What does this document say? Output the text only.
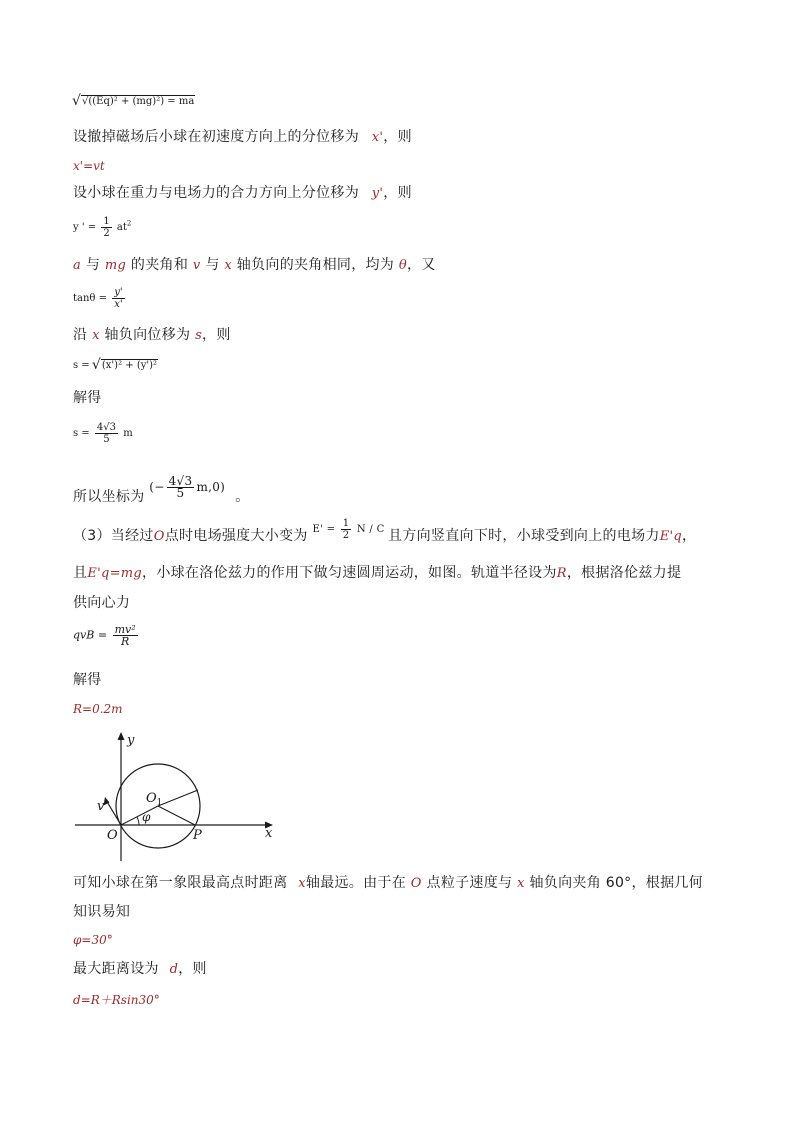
√ √((Eq)² + (mg)²) = ma
设撤掉磁场后小球在初速度方向上的分位移为 x'，则
x'=vt
设小球在重力与电场力的合力方向上分位移为 y'，则
y ' = $\frac{1}{2} at^2$
a 与 mg 的夹角和 v 与 x 轴负向的夹角相同，均为 θ，又
$\tan\theta = \frac{y'}{x'}$
沿 x 轴负向位移为 s，则
s = √ (x')² + (y')²
解得
$s = \frac{4√3}{5}$ m
所以坐标为 (− $\frac{4√3}{5} m,0$) 。
（3）当经过O点时电场强度大小变为 $^{E' = \frac{1}{2} N / C}$ 且方向竖直向下时，小球受到向上的电场力E'q，
且E'q=mg，小球在洛伦兹力的作用下做匀速圆周运动，如图。轨道半径设为R，根据洛伦兹力提
供向心力
qvB = $\frac{\text{mv²}}{R}$
解得
R=0.2m
y
x
O
$O_1$
P
v
φ
可知小球在第一象限最高点时距离 x轴最远。由于在 O 点粒子速度与 x 轴负向夹角 60°，根据几何
知识易知
φ=30°
最大距离设为 d，则
d=R＋Rsin30°
